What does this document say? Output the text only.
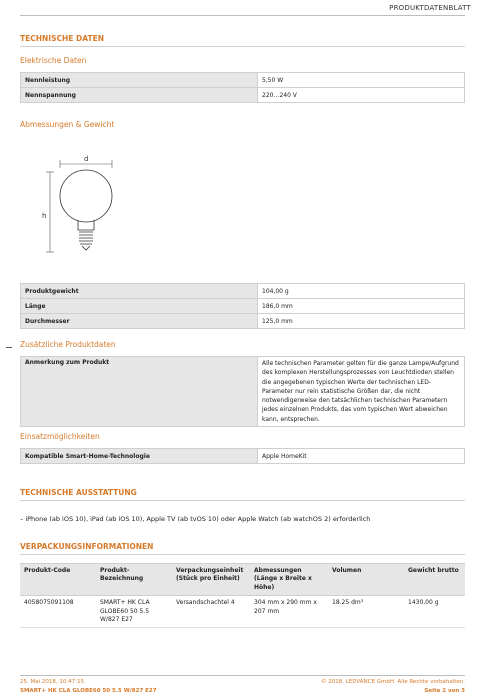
PRODUKTDATENBLATT
TECHNISCHE DATEN
Elektrische Daten
Nennleistung	5,50 W
Nennspannung	220…240 V
Abmessungen & Gewicht
d
h
Produktgewicht	104,00 g
Länge	186,0 mm
Durchmesser	125,0 mm
Zusätzliche Produktdaten
Anmerkung zum Produkt	Alle technischen Parameter gelten für die ganze Lampe/Aufgrund des komplexen Herstellungsprozesses von Leuchtdioden stellen die angegebenen typischen Werte der technischen LED-Parameter nur rein statistische Größen dar, die nicht notwendigerweise den tatsächlichen technischen Parametern jedes einzelnen Produkts, das vom typischen Wert abweichen kann, entsprechen.
Einsatzmöglichkeiten
Kompatible Smart-Home-Technologie	Apple HomeKit
TECHNISCHE AUSSTATTUNG
– iPhone (ab iOS 10), iPad (ab iOS 10), Apple TV (ab tvOS 10) oder Apple Watch (ab watchOS 2) erforderlich
VERPACKUNGSINFORMATIONEN
Produkt-Code	Produkt-Bezeichnung	Verpackungseinheit (Stück pro Einheit)	Abmessungen (Länge x Breite x Höhe)	Volumen	Gewicht brutto
4058075091108	SMART+ HK CLA GLOBE60 50 5.5 W/827 E27	Versandschachtel 4	304 mm x 290 mm x 207 mm	18.25 dm³	1430,00 g
25. Mai 2018, 10:47:15
SMART+ HK CLA GLOBE60 50 5.5 W/827 E27
© 2018, LEDVANCE GmbH. Alle Rechte vorbehalten.
Seite 2 von 3
